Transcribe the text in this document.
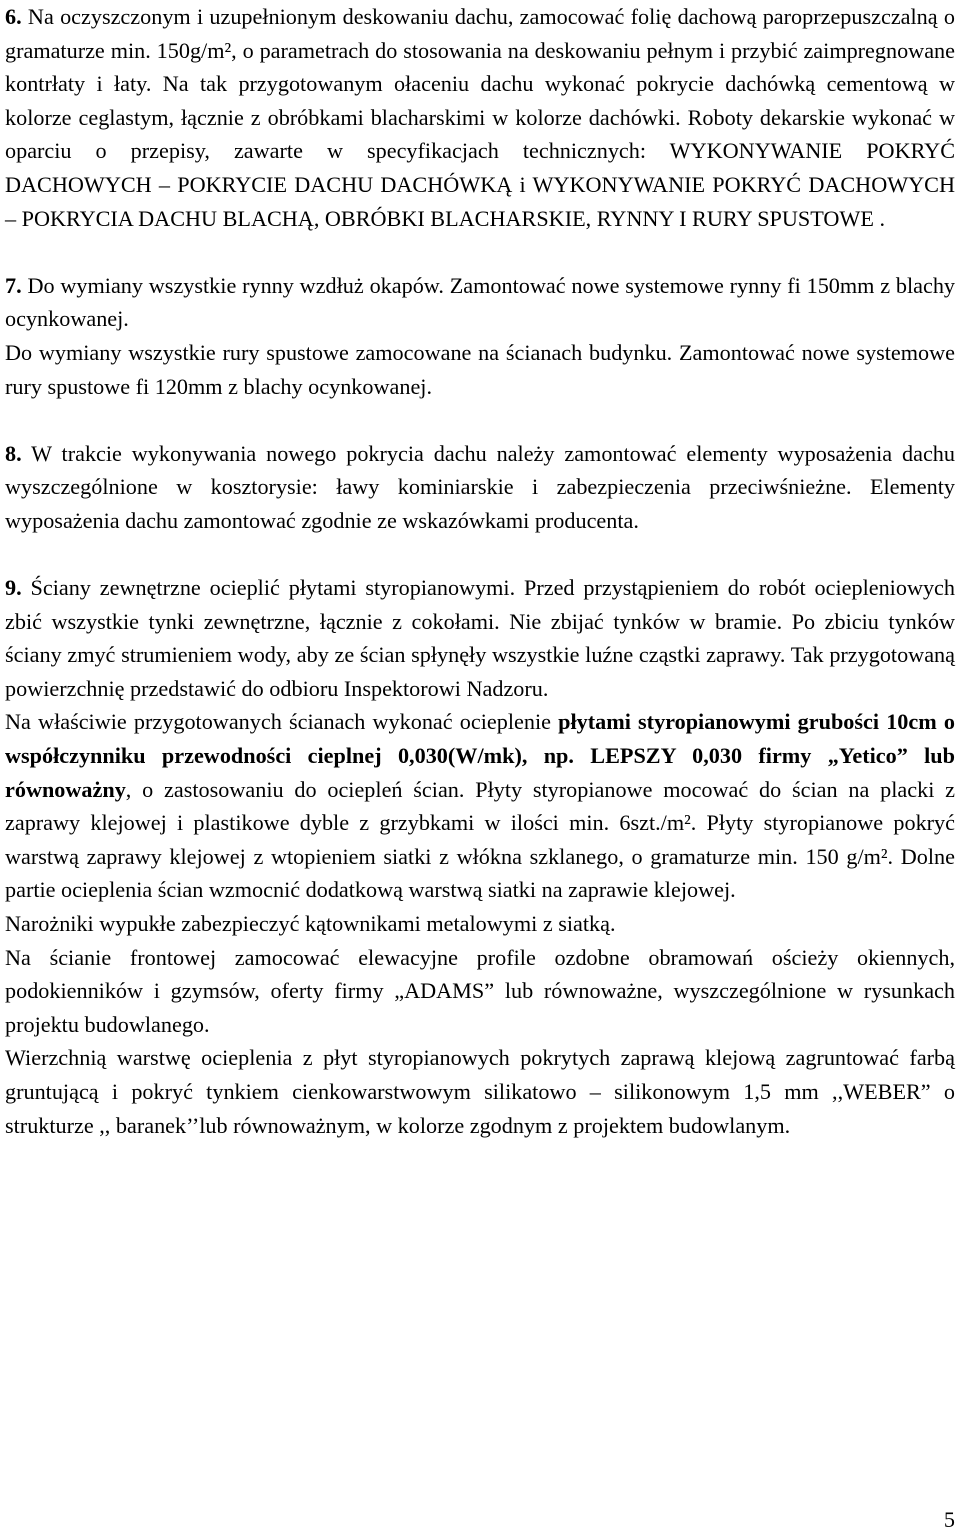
6. Na oczyszczonym i uzupełnionym deskowaniu dachu, zamocować folię dachową paroprzepuszczalną o gramaturze min. 150g/m², o parametrach do stosowania na deskowaniu pełnym i przybić zaimpregnowane kontrłaty i łaty. Na tak przygotowanym ołaceniu dachu wykonać pokrycie dachówką cementową w kolorze ceglastym, łącznie z obróbkami blacharskimi w kolorze dachówki. Roboty dekarskie wykonać w oparciu o przepisy, zawarte w specyfikacjach technicznych: WYKONYWANIE POKRYĆ DACHOWYCH – POKRYCIE DACHU DACHÓWKĄ i WYKONYWANIE POKRYĆ DACHOWYCH – POKRYCIA DACHU BLACHĄ, OBRÓBKI BLACHARSKIE, RYNNY I RURY SPUSTOWE .

7. Do wymiany wszystkie rynny wzdłuż okapów. Zamontować nowe systemowe rynny fi 150mm z blachy ocynkowanej.

Do wymiany wszystkie rury spustowe zamocowane na ścianach budynku. Zamontować nowe systemowe rury spustowe fi 120mm z blachy ocynkowanej.

8. W trakcie wykonywania nowego pokrycia dachu należy zamontować elementy wyposażenia dachu wyszczególnione w kosztorysie: ławy kominiarskie i zabezpieczenia przeciwśnieżne. Elementy wyposażenia dachu zamontować zgodnie ze wskazówkami producenta.

9. Ściany zewnętrzne ocieplić płytami styropianowymi. Przed przystąpieniem do robót ociepleniowych zbić wszystkie tynki zewnętrzne, łącznie z cokołami. Nie zbijać tynków w bramie. Po zbiciu tynków ściany zmyć strumieniem wody, aby ze ścian spłynęły wszystkie luźne cząstki zaprawy. Tak przygotowaną powierzchnię przedstawić do odbioru Inspektorowi Nadzoru.

Na właściwie przygotowanych ścianach wykonać ocieplenie płytami styropianowymi grubości 10cm o współczynniku przewodności cieplnej 0,030(W/mk), np. LEPSZY 0,030 firmy „Yetico” lub równoważny, o zastosowaniu do ociepleń ścian. Płyty styropianowe mocować do ścian na placki z zaprawy klejowej i plastikowe dyble z grzybkami w ilości min. 6szt./m². Płyty styropianowe pokryć warstwą zaprawy klejowej z wtopieniem siatki z włókna szklanego, o gramaturze min. 150 g/m². Dolne partie ocieplenia ścian wzmocnić dodatkową warstwą siatki na zaprawie klejowej.

Narożniki wypukłe zabezpieczyć kątownikami metalowymi z siatką.

Na ścianie frontowej zamocować elewacyjne profile ozdobne obramowań ościeży okiennych, podokienników i gzymsów, oferty firmy „ADAMS” lub równoważne, wyszczególnione w rysunkach projektu budowlanego.

Wierzchnią warstwę ocieplenia z płyt styropianowych pokrytych zaprawą klejową zagruntować farbą gruntującą i pokryć tynkiem cienkowarstwowym silikatowo – silikonowym 1,5 mm ,,WEBER” o strukturze ,, baranek’’lub równoważnym, w kolorze zgodnym z projektem budowlanym.

5
